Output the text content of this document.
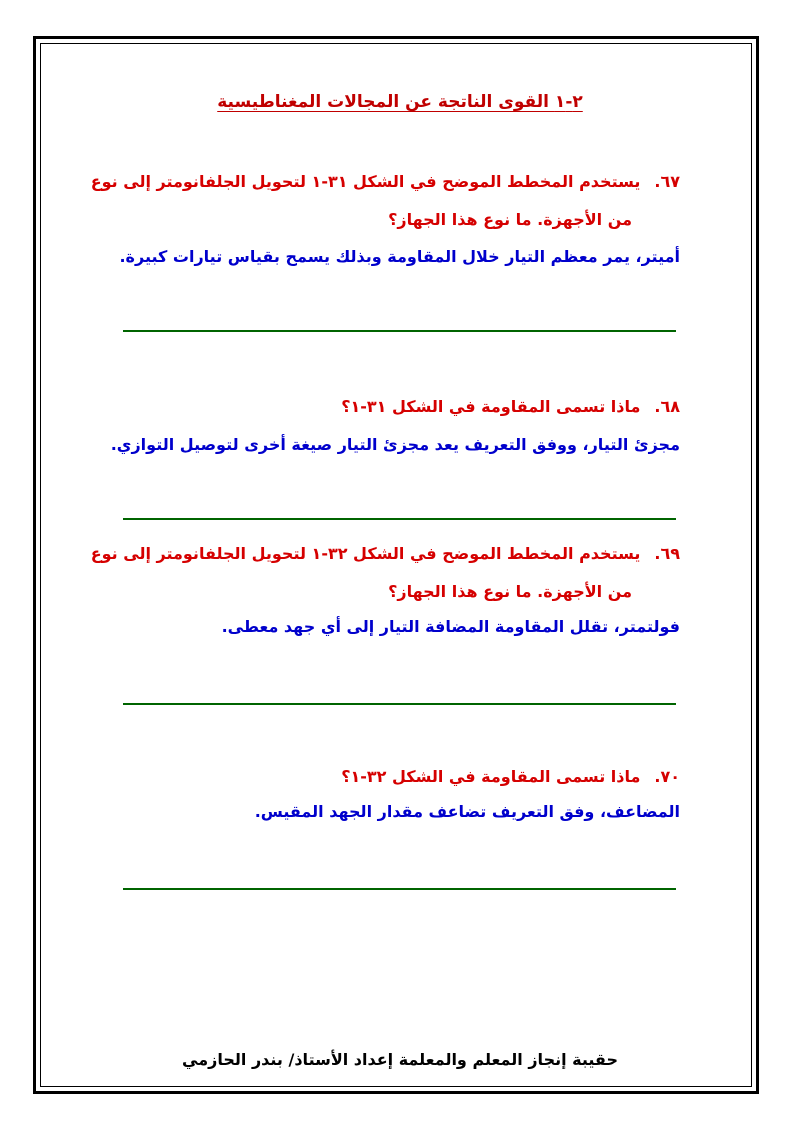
٢-١ القوى الناتجة عن المجالات المغناطيسية
٦٧.يستخدم المخطط الموضح في الشكل ٣١-١ لتحويل الجلفانومتر إلى نوع
من الأجهزة. ما نوع هذا الجهاز؟
أميتر، يمر معظم التيار خلال المقاومة وبذلك يسمح بقياس تيارات كبيرة.
٦٨.ماذا تسمى المقاومة في الشكل ٣١-١؟
مجزئ التيار، ووفق التعريف يعد مجزئ التيار صيغة أخرى لتوصيل التوازي.
٦٩.يستخدم المخطط الموضح في الشكل ٣٢-١ لتحويل الجلفانومتر إلى نوع
من الأجهزة. ما نوع هذا الجهاز؟
فولتمتر، تقلل المقاومة المضافة التيار إلى أي جهد معطى.
٧٠.ماذا تسمى المقاومة في الشكل ٣٢-١؟
المضاعف، وفق التعريف تضاعف مقدار الجهد المقيس.
حقيبة إنجاز المعلم والمعلمة إعداد الأستاذ/ بندر الحازمي
